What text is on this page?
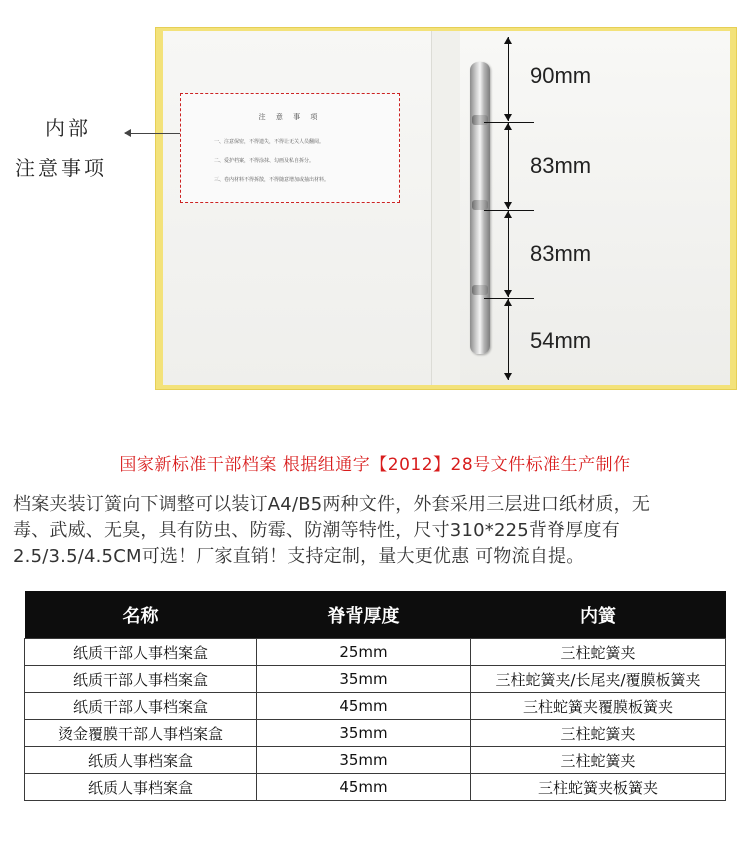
注 意 事 项
一、注意保密，不得遗失，不得让无关人员翻阅。
二、爱护档案，不得涂抹、勾画及私自拆分。
三、卷内材料不得拆散，不得随意增加或抽出材料。
内部
注意事项
90mm
83mm
83mm
54mm
国家新标准干部档案 根据组通字【2012】28号文件标准生产制作
档案夹装订簧向下调整可以装订A4/B5两种文件，外套采用三层进口纸材质，无
毒、武威、无臭，具有防虫、防霉、防潮等特性，尺寸310*225背脊厚度有
2.5/3.5/4.5CM可选！厂家直销！支持定制，量大更优惠 可物流自提。
名称	脊背厚度	内簧
纸质干部人事档案盒	25mm	三柱蛇簧夹
纸质干部人事档案盒	35mm	三柱蛇簧夹/长尾夹/覆膜板簧夹
纸质干部人事档案盒	45mm	三柱蛇簧夹覆膜板簧夹
烫金覆膜干部人事档案盒	35mm	三柱蛇簧夹
纸质人事档案盒	35mm	三柱蛇簧夹
纸质人事档案盒	45mm	三柱蛇簧夹板簧夹
